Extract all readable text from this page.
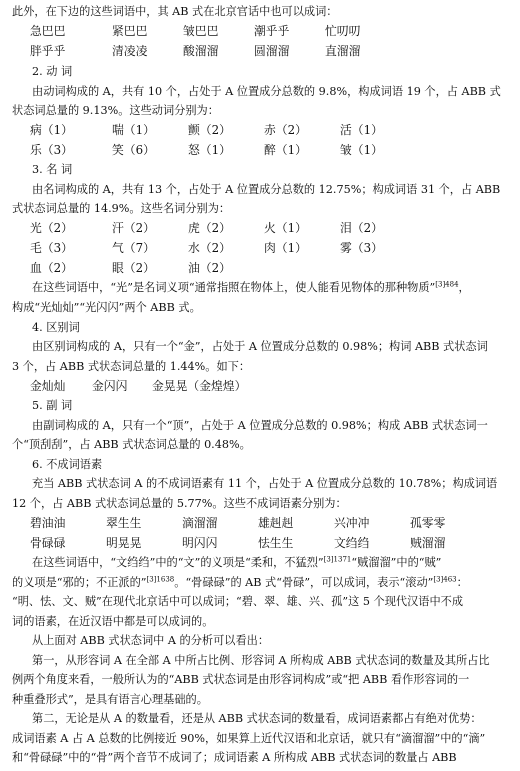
此外，在下边的这些词语中，其 AB 式在北京官话中也可以成词：
急巴巴	紧巴巴	皱巴巴	潮乎乎	忙叨叨
胖乎乎	清凌凌	酸溜溜	圆溜溜	直溜溜
2. 动 词
由动词构成的 A，共有 10 个，占处于 A 位置成分总数的 9.8%，构成词语 19 个，占 ABB 式
状态词总量的 9.13%。这些动词分别为：
病（1）	喘（1）	颤（2）	赤（2）	活（1）
乐（3）	笑（6）	怒（1）	醉（1）	皱（1）
3. 名 词
由名词构成的 A，共有 13 个，占处于 A 位置成分总数的 12.75%；构成词语 31 个，占 ABB
式状态词总量的 14.9%。这些名词分别为：
光（2）	汗（2）	虎（2）	火（1）	泪（2）
毛（3）	气（7）	水（2）	肉（1）	雾（3）
血（2）	眼（2）	油（2）
在这些词语中，“光”是名词义项“通常指照在物体上，使人能看见物体的那种物质”$^{[3]484}$，
构成“光灿灿”“光闪闪”两个 ABB 式。
4. 区别词
由区别词构成的 A，只有一个“金”，占处于 A 位置成分总数的 0.98%；构词 ABB 式状态词
3 个，占 ABB 式状态词总量的 1.44%。如下：
金灿灿 金闪闪 金晃晃（金煌煌）
5. 副 词
由副词构成的 A，只有一个“顶”，占处于 A 位置成分总数的 0.98%；构成 ABB 式状态词一
个“顶刮刮”，占 ABB 式状态词总量的 0.48%。
6. 不成词语素
充当 ABB 式状态词 A 的不成词语素有 11 个，占处于 A 位置成分总数的 10.78%；构成词语
12 个，占 ABB 式状态词总量的 5.77%。这些不成词语素分别为：
碧油油	翠生生	滴溜溜	雄赳赳	兴冲冲	孤零零
骨碌碌	明晃晃	明闪闪	怯生生	文绉绉	贼溜溜
在这些词语中，“文绉绉”中的“文”的义项是“柔和，不猛烈”$^{[3]1371}$“贼溜溜”中的“贼”
的义项是“邪的；不正派的”$^{[3]1638}$。“骨碌碌”的 AB 式“骨碌”，可以成词，表示“滚动”$^{[3]463}$：
“明、怯、文、贼”在现代北京话中可以成词；“碧、翠、雄、兴、孤”这 5 个现代汉语中不成
词的语素，在近汉语中都是可以成词的。
从上面对 ABB 式状态词中 A 的分析可以看出：
第一，从形容词 A 在全部 A 中所占比例、形容词 A 所构成 ABB 式状态词的数量及其所占比
例两个角度来看，一般所认为的“ABB 式状态词是由形容词构成”或“把 ABB 看作形容词的一
种重叠形式”，是具有语言心理基础的。
第二，无论是从 A 的数量看，还是从 ABB 式状态词的数量看，成词语素都占有绝对优势：
成词语素 A 占 A 总数的比例接近 90%，如果算上近代汉语和北京话，就只有“滴溜溜”中的“滴”
和“骨碌碌”中的“骨”两个音节不成词了；成词语素 A 所构成 ABB 式状态词的数量占 ABB
